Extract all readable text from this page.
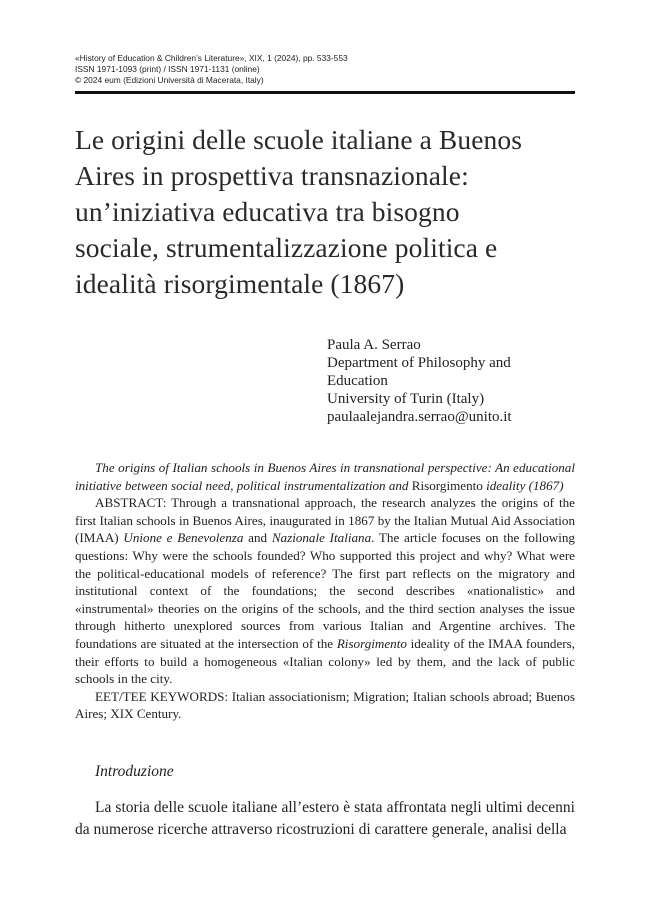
«History of Education & Children’s Literature», XIX, 1 (2024), pp. 533-553
ISSN 1971-1093 (print) / ISSN 1971-1131 (online)
© 2024 eum (Edizioni Università di Macerata, Italy)
Le origini delle scuole italiane a Buenos
Aires in prospettiva transnazionale:
un’iniziativa educativa tra bisogno
sociale, strumentalizzazione politica e
idealità risorgimentale (1867)
Paula A. Serrao
Department of Philosophy and
Education
University of Turin (Italy)
paulaalejandra.serrao@unito.it

The origins of Italian schools in Buenos Aires in transnational perspective: An educational initiative between social need, political instrumentalization and Risorgimento ideality (1867)

ABSTRACT: Through a transnational approach, the research analyzes the origins of the first Italian schools in Buenos Aires, inaugurated in 1867 by the Italian Mutual Aid Association (IMAA) Unione e Benevolenza and Nazionale Italiana. The article focuses on the following questions: Why were the schools founded? Who supported this project and why? What were the political-educational models of reference? The first part reflects on the migratory and institutional context of the foundations; the second describes «nationalistic» and «instrumental» theories on the origins of the schools, and the third section analyses the issue through hitherto unexplored sources from various Italian and Argentine archives. The foundations are situated at the intersection of the Risorgimento ideality of the IMAA founders, their efforts to build a homogeneous «Italian colony» led by them, and the lack of public schools in the city.

EET/TEE KEYWORDS: Italian associationism; Migration; Italian schools abroad; Buenos Aires; XIX Century.

Introduzione

La storia delle scuole italiane all’estero è stata affrontata negli ultimi decenni da numerose ricerche attraverso ricostruzioni di carattere generale, analisi della
